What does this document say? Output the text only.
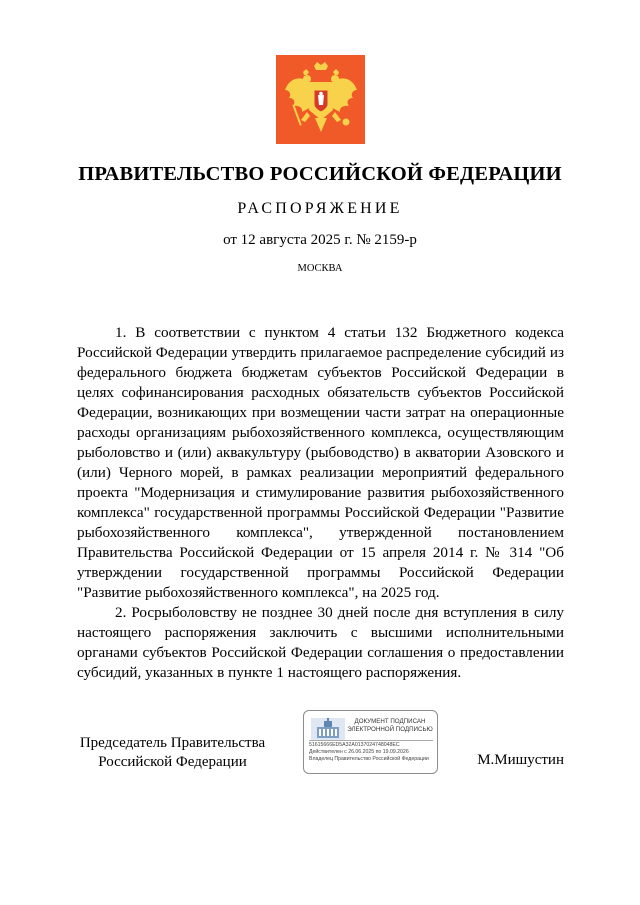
ПРАВИТЕЛЬСТВО РОССИЙСКОЙ ФЕДЕРАЦИИ
РАСПОРЯЖЕНИЕ
от 12 августа 2025 г. № 2159-р
МОСКВА

1. В соответствии с пунктом 4 статьи 132 Бюджетного кодекса Российской Федерации утвердить прилагаемое распределение субсидий из федерального бюджета бюджетам субъектов Российской Федерации в целях софинансирования расходных обязательств субъектов Российской Федерации, возникающих при возмещении части затрат на операционные расходы организациям рыбохозяйственного комплекса, осуществляющим рыболовство и (или) аквакультуру (рыбоводство) в акватории Азовского и (или) Черного морей, в рамках реализации мероприятий федерального проекта "Модернизация и стимулирование развития рыбохозяйственного комплекса" государственной программы Российской Федерации "Развитие рыбохозяйственного комплекса", утвержденной постановлением Правительства Российской Федерации от 15 апреля 2014 г. № 314 "Об утверждении государственной программы Российской Федерации "Развитие рыбохозяйственного комплекса", на 2025 год.

2. Росрыболовству не позднее 30 дней после дня вступления в силу настоящего распоряжения заключить с высшими исполнительными органами субъектов Российской Федерации соглашения о предоставлении субсидий, указанных в пункте 1 настоящего распоряжения.

Председатель Правительства
Российской Федерации
ДОКУМЕНТ ПОДПИСАН
ЭЛЕКТРОННОЙ ПОДПИСЬЮ
51615666ED5A32A0137024748048EC
Действителен с 26.06.2025 по 19.09.2026
Владелец Правительство Российской Федерации	М.Мишустин
